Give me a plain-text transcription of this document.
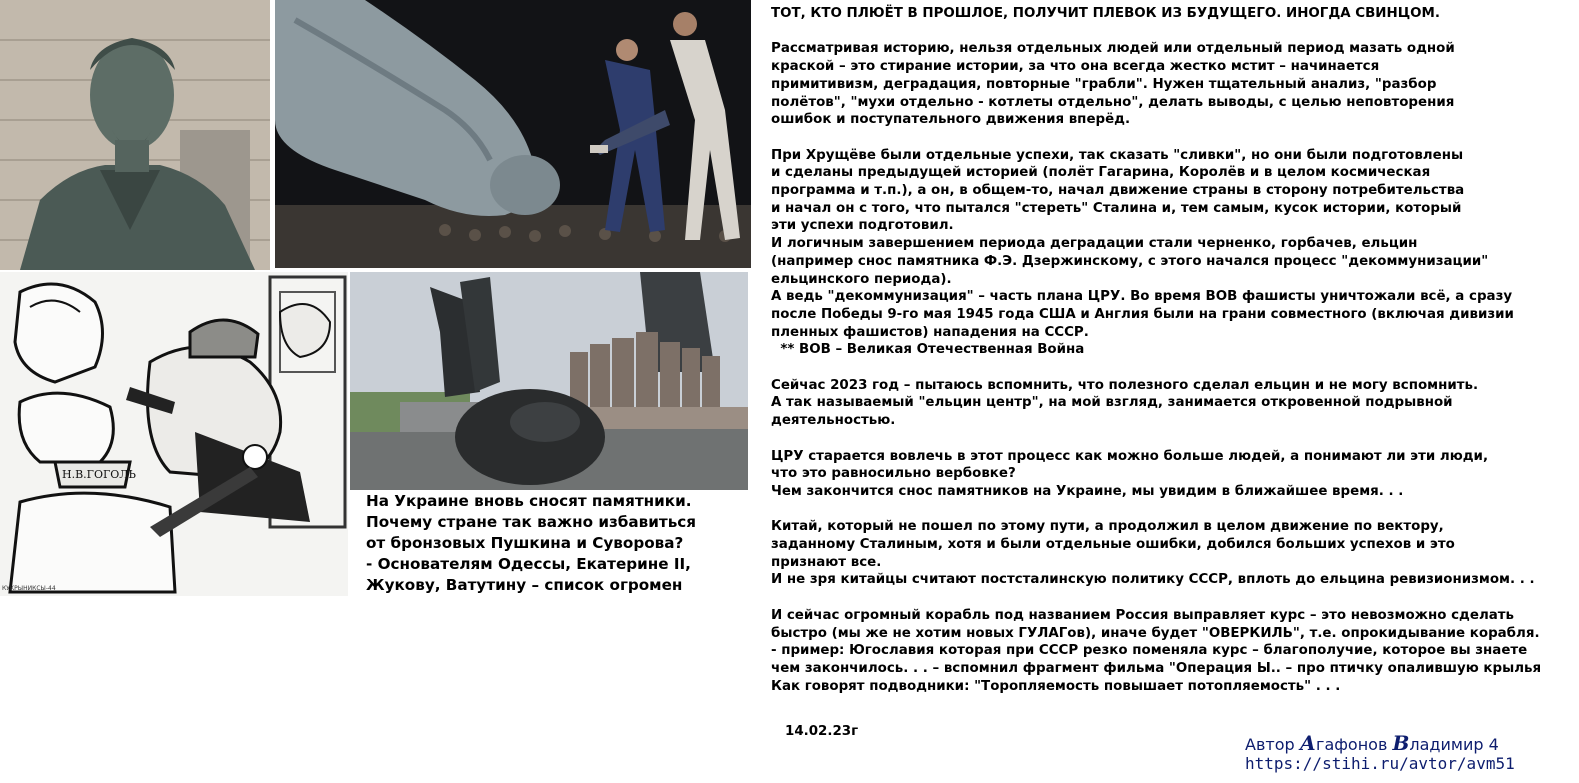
Н.В.ГОГОЛЬ
КУКРЫНИКСЫ-44
На Украине вновь сносят памятники.
Почему стране так важно избавиться
от бронзовых Пушкина и Суворова?
- Основателям Одессы, Екатерине II,
Жукову, Ватутину – список огромен

ТОТ, КТО ПЛЮЁТ В ПРОШЛОЕ, ПОЛУЧИТ ПЛЕВОК ИЗ БУДУЩЕГО. ИНОГДА СВИНЦОМ.

Рассматривая историю, нельзя отдельных людей или отдельный период мазать одной

краской – это стирание истории, за что она всегда жестко мстит – начинается

примитивизм, деградация, повторные "грабли". Нужен тщательный анализ, "разбор

полётов", "мухи отдельно - котлеты отдельно", делать выводы, с целью неповторения

ошибок и поступательного движения вперёд.

При Хрущёве были отдельные успехи, так сказать "сливки", но они были подготовлены

и сделаны предыдущей историей (полёт Гагарина, Королёв и в целом космическая

программа и т.п.), а он, в общем-то, начал движение страны в сторону потребительства

и начал он с того, что пытался "стереть" Сталина и, тем самым, кусок истории, который

эти успехи подготовил.

И логичным завершением периода деградации стали черненко, горбачев, ельцин

(например снос памятника Ф.Э. Дзержинскому, с этого начался процесс "декоммунизации"

ельцинского периода).

А ведь "декоммунизация" – часть плана ЦРУ. Во время ВОВ фашисты уничтожали всё, а сразу

после Победы 9-го мая 1945 года США и Англия были на грани совместного (включая дивизии

пленных фашистов) нападения на СССР.

** ВОВ – Великая Отечественная Война

Сейчас 2023 год – пытаюсь вспомнить, что полезного сделал ельцин и не могу вспомнить.

А так называемый "ельцин центр", на мой взгляд, занимается откровенной подрывной

деятельностью.

ЦРУ старается вовлечь в этот процесс как можно больше людей, а понимают ли эти люди,

что это равносильно вербовке?

Чем закончится снос памятников на Украине, мы увидим в ближайшее время. . .

Китай, который не пошел по этому пути, а продолжил в целом движение по вектору,

заданному Сталиным, хотя и были отдельные ошибки, добился больших успехов и это

признают все.

И не зря китайцы считают постсталинскую политику СССР, вплоть до ельцина ревизионизмом. . .

И сейчас огромный корабль под названием Россия выправляет курс – это невозможно сделать

быстро (мы же не хотим новых ГУЛАГов), иначе будет "ОВЕРКИЛЬ", т.е. опрокидывание корабля.

- пример: Югославия которая при СССР резко поменяла курс – благополучие, которое вы знаете

чем закончилось. . . – вспомнил фрагмент фильма "Операция Ы.. – про птичку опалившую крылья

Как говорят подводники: "Торопляемость повышает потопляемость" . . .

14.02.23г
Автор Агафонов Владимир 4
https://stihi.ru/avtor/avm51
